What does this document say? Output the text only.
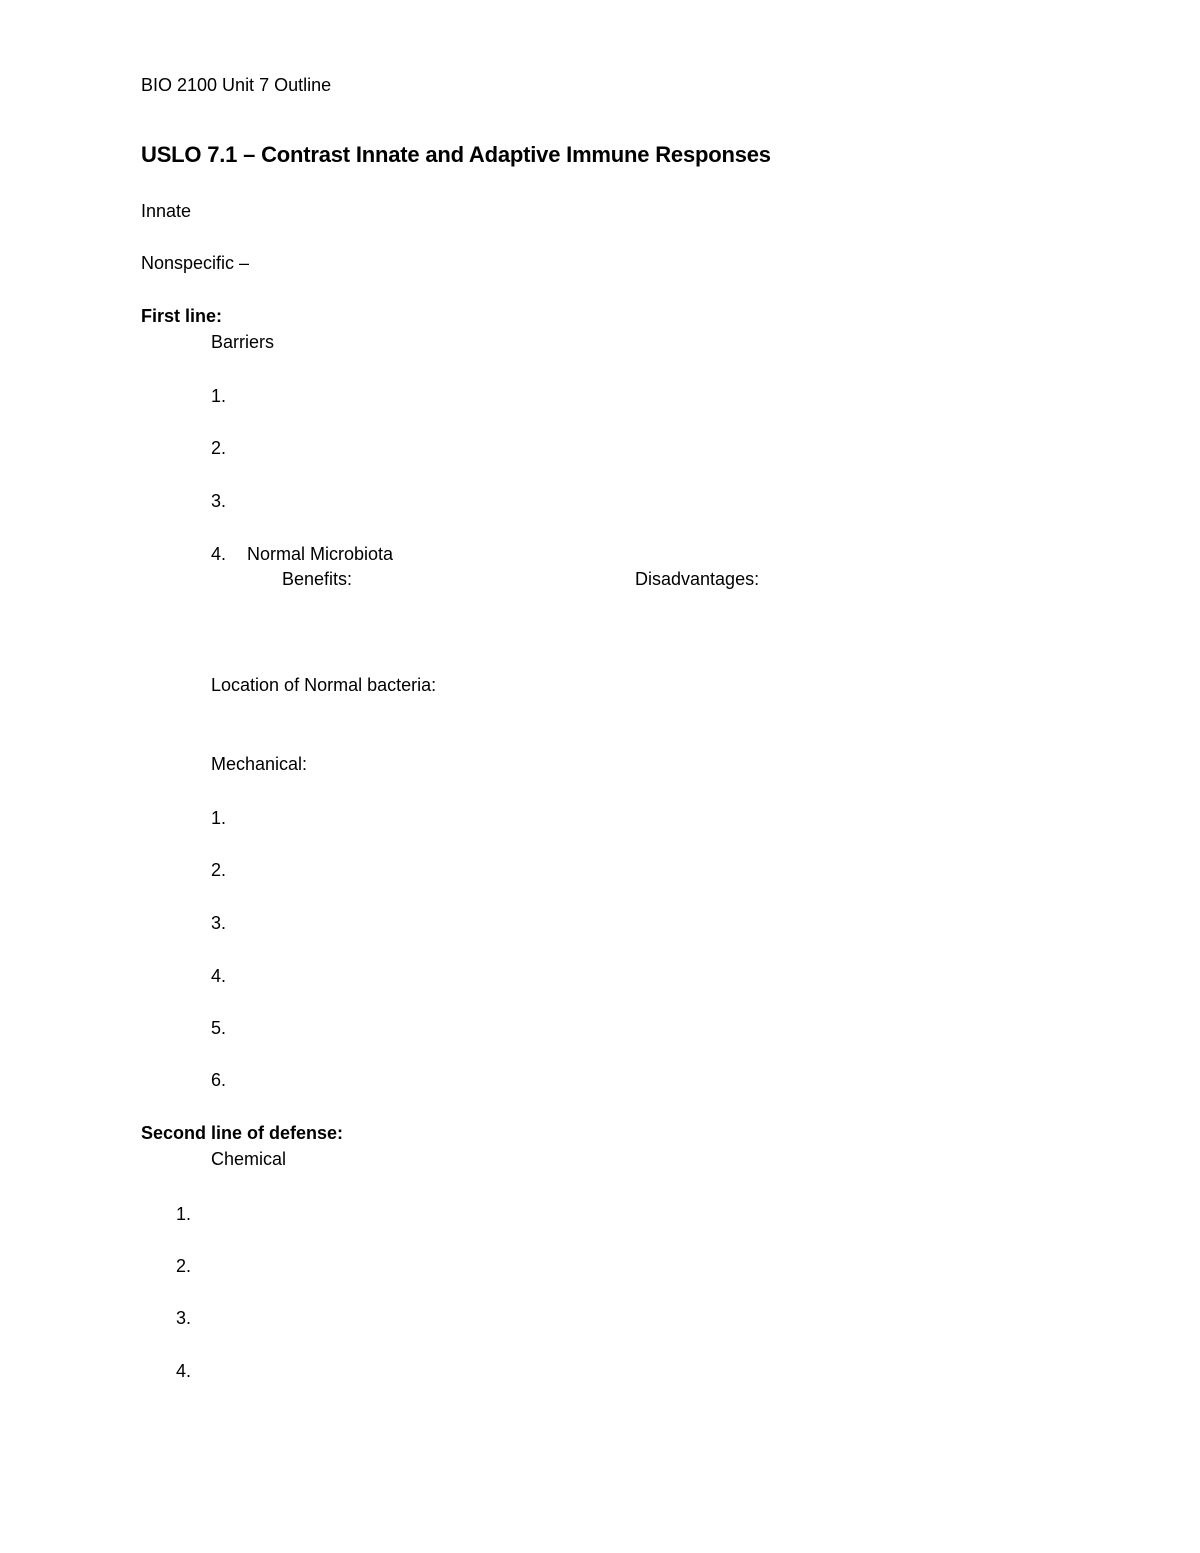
BIO 2100 Unit 7 Outline
USLO 7.1 – Contrast Innate and Adaptive Immune Responses
Innate
Nonspecific –
First line:
Barriers
1.
2.
3.
4.	Normal Microbiota
Benefits:	Disadvantages:
Location of Normal bacteria:
Mechanical:
1.
2.
3.
4.
5.
6.
Second line of defense:
Chemical
1.
2.
3.
4.
